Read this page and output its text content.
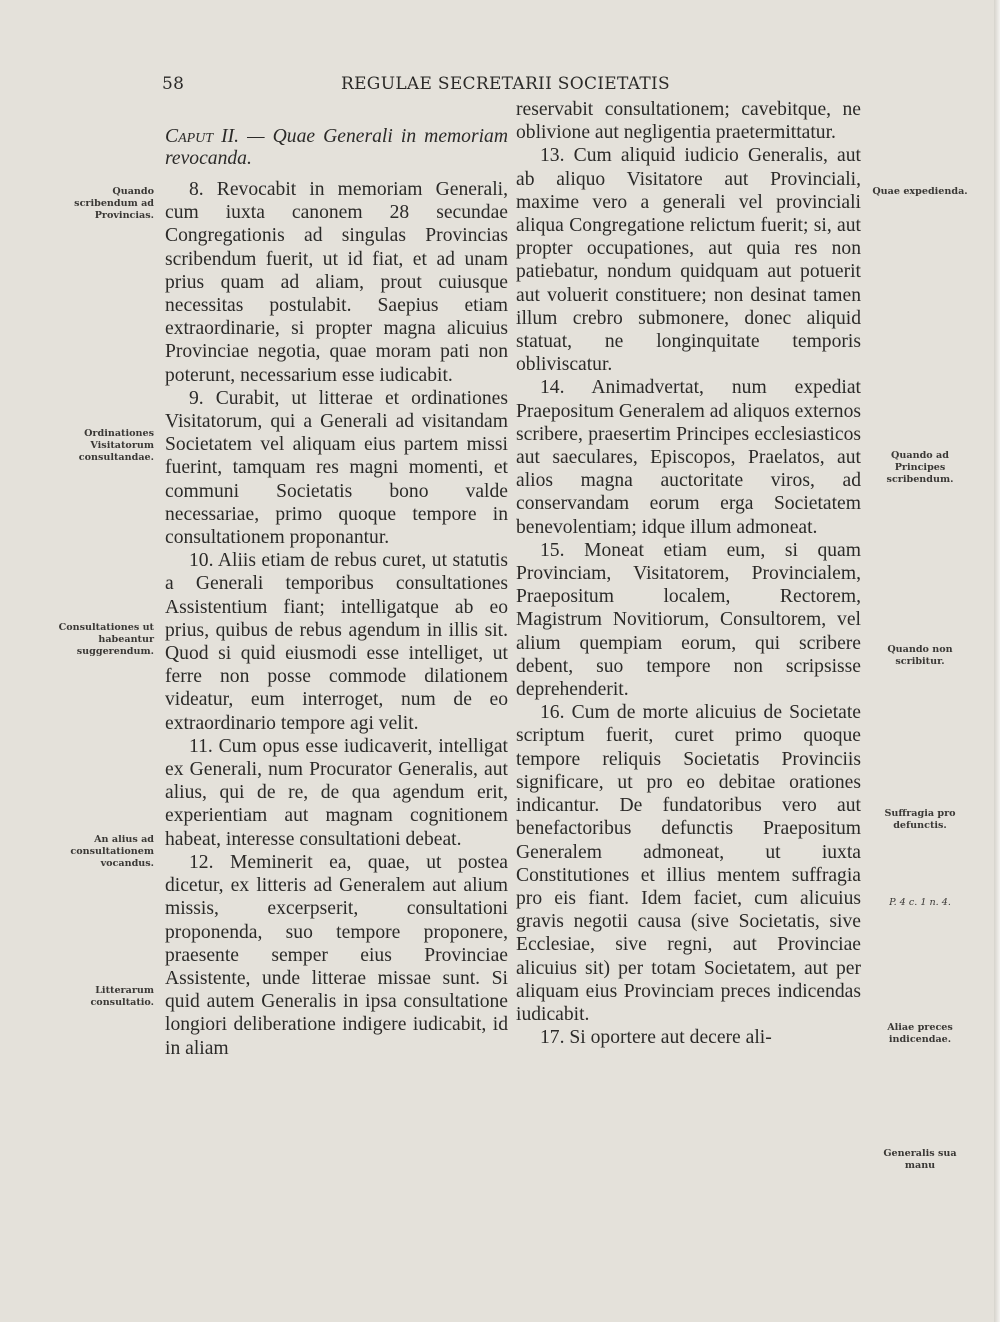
58	REGULAE SECRETARII SOCIETATIS
Quando scribendum ad Provincias.
Ordinationes Visitatorum consultandae.
Consultationes ut habeantur suggerendum.
An alius ad consultationem vocandus.
Litterarum consultatio.
Quae expedienda.
Quando ad Principes scribendum.
Quando non scribitur.
Suffragia pro defunctis.
P. 4 c. 1 n. 4.
Aliae preces indicendae.
Generalis sua manu

Caput II. — Quae Generali in memoriam revocanda.

8. Revocabit in memoriam Generali, cum iuxta canonem 28 secundae Congregationis ad singulas Provincias scribendum fuerit, ut id fiat, et ad unam prius quam ad aliam, prout cuiusque necessitas postulabit. Saepius etiam extraordinarie, si propter magna alicuius Provinciae negotia, quae moram pati non poterunt, necessarium esse iudicabit.

9. Curabit, ut litterae et ordinationes Visitatorum, qui a Generali ad visitandam Societatem vel aliquam eius partem missi fuerint, tamquam res magni momenti, et communi Societatis bono valde necessariae, primo quoque tempore in consultationem proponantur.

10. Aliis etiam de rebus curet, ut statutis a Generali temporibus consultationes Assistentium fiant; intelligatque ab eo prius, quibus de rebus agendum in illis sit. Quod si quid eiusmodi esse intelliget, ut ferre non posse commode dilationem videatur, eum interroget, num de eo extraordinario tempore agi velit.

11. Cum opus esse iudicaverit, intelligat ex Generali, num Procurator Generalis, aut alius, qui de re, de qua agendum erit, experientiam aut magnam cognitionem habeat, interesse consultationi debeat.

12. Meminerit ea, quae, ut postea dicetur, ex litteris ad Generalem aut alium missis, excerpserit, consultationi proponenda, suo tempore proponere, praesente semper eius Provinciae Assistente, unde litterae missae sunt. Si quid autem Generalis in ipsa consultatione longiori deliberatione indigere iudicabit, id in aliam

reservabit consultationem; cavebitque, ne oblivione aut negligentia praetermittatur.

13. Cum aliquid iudicio Generalis, aut ab aliquo Visitatore aut Provinciali, maxime vero a generali vel provinciali aliqua Congregatione relictum fuerit; si, aut propter occupationes, aut quia res non patiebatur, nondum quidquam aut potuerit aut voluerit constituere; non desinat tamen illum crebro submonere, donec aliquid statuat, ne longinquitate temporis obliviscatur.

14. Animadvertat, num expediat Praepositum Generalem ad aliquos externos scribere, praesertim Principes ecclesiasticos aut saeculares, Episcopos, Praelatos, aut alios magna auctoritate viros, ad conservandam eorum erga Societatem benevolentiam; idque illum admoneat.

15. Moneat etiam eum, si quam Provinciam, Visitatorem, Provincialem, Praepositum localem, Rectorem, Magistrum Novitiorum, Consultorem, vel alium quempiam eorum, qui scribere debent, suo tempore non scripsisse deprehenderit.

16. Cum de morte alicuius de Societate scriptum fuerit, curet primo quoque tempore reliquis Societatis Provinciis significare, ut pro eo debitae orationes indicantur. De fundatoribus vero aut benefactoribus defunctis Praepositum Generalem admoneat, ut iuxta Constitutiones et illius mentem suffragia pro eis fiant. Idem faciet, cum alicuius gravis negotii causa (sive Societatis, sive Ecclesiae, sive regni, aut Provinciae alicuius sit) per totam Societatem, aut per aliquam eius Provinciam preces indicendas iudicabit.

17. Si oportere aut decere ali-
